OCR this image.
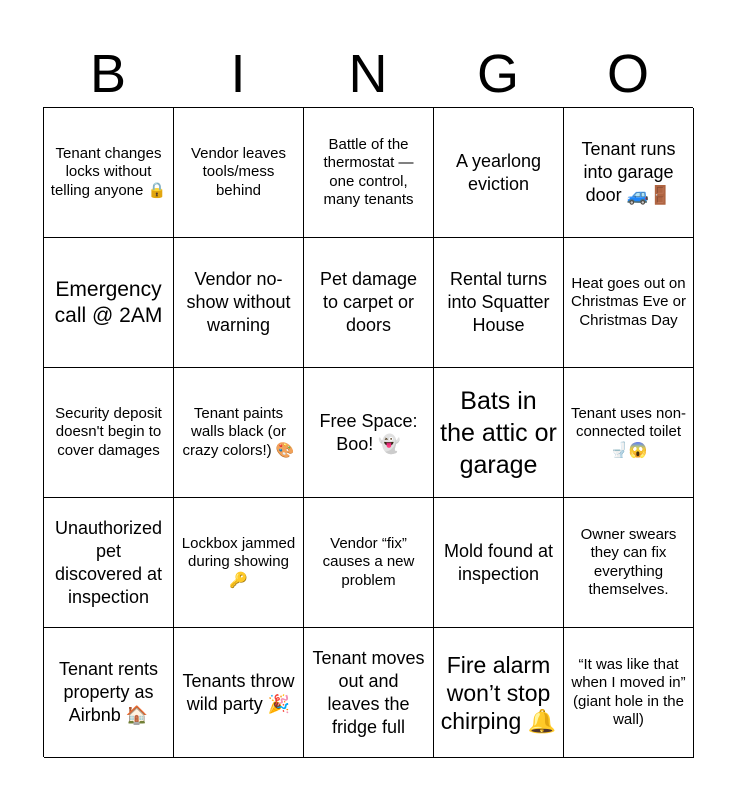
B	I	N	G	O
Tenant changes locks without telling anyone 🔒
Vendor leaves tools/mess behind
Battle of the thermostat — one control, many tenants
A yearlong eviction
Tenant runs into garage door 🚙🚪
Emergency call @ 2AM
Vendor no-show without warning
Pet damage to carpet or doors
Rental turns into Squatter House
Heat goes out on Christmas Eve or Christmas Day
Security deposit doesn't begin to cover damages
Tenant paints walls black (or crazy colors!) 🎨
Free Space: Boo! 👻
Bats in the attic or garage
Tenant uses non-connected toilet 🚽😱
Unauthorized pet discovered at inspection
Lockbox jammed during showing 🔑
Vendor “fix” causes a new problem
Mold found at inspection
Owner swears they can fix everything themselves.
Tenant rents property as Airbnb 🏠
Tenants throw wild party 🎉
Tenant moves out and leaves the fridge full
Fire alarm won’t stop chirping 🔔
“It was like that when I moved in” (giant hole in the wall)
